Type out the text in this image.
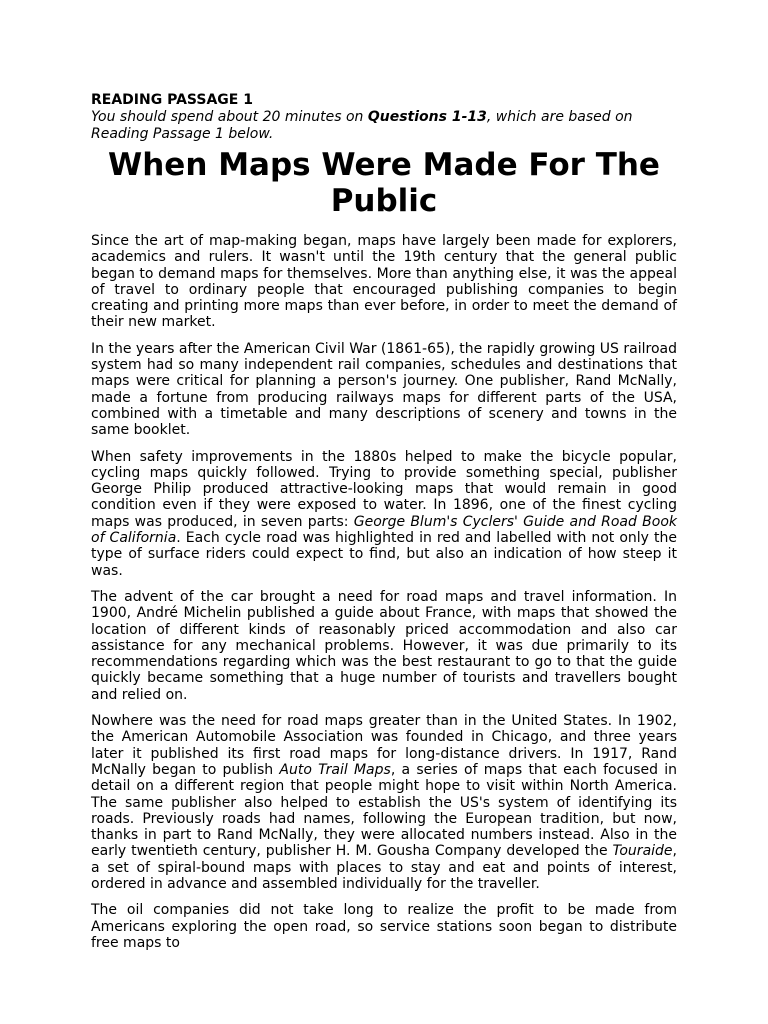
READING PASSAGE 1

You should spend about 20 minutes on Questions 1-13, which are based on Reading Passage 1 below.

When Maps Were Made For The Public

Since the art of map-making began, maps have largely been made for explorers, academics and rulers. It wasn't until the 19th century that the general public began to demand maps for themselves. More than anything else, it was the appeal of travel to ordinary people that encouraged publishing companies to begin creating and printing more maps than ever before, in order to meet the demand of their new market.

In the years after the American Civil War (1861-65), the rapidly growing US railroad system had so many independent rail companies, schedules and destinations that maps were critical for planning a person's journey. One publisher, Rand McNally, made a fortune from producing railways maps for different parts of the USA, combined with a timetable and many descriptions of scenery and towns in the same booklet.

When safety improvements in the 1880s helped to make the bicycle popular, cycling maps quickly followed. Trying to provide something special, publisher George Philip produced attractive-looking maps that would remain in good condition even if they were exposed to water. In 1896, one of the finest cycling maps was produced, in seven parts: George Blum's Cyclers' Guide and Road Book of California. Each cycle road was highlighted in red and labelled with not only the type of surface riders could expect to find, but also an indication of how steep it was.

The advent of the car brought a need for road maps and travel information. In 1900, André Michelin published a guide about France, with maps that showed the location of different kinds of reasonably priced accommodation and also car assistance for any mechanical problems. However, it was due primarily to its recommendations regarding which was the best restaurant to go to that the guide quickly became something that a huge number of tourists and travellers bought and relied on.

Nowhere was the need for road maps greater than in the United States. In 1902, the American Automobile Association was founded in Chicago, and three years later it published its first road maps for long-distance drivers. In 1917, Rand McNally began to publish Auto Trail Maps, a series of maps that each focused in detail on a different region that people might hope to visit within North America. The same publisher also helped to establish the US's system of identifying its roads. Previously roads had names, following the European tradition, but now, thanks in part to Rand McNally, they were allocated numbers instead. Also in the early twentieth century, publisher H. M. Gousha Company developed the Touraide, a set of spiral-bound maps with places to stay and eat and points of interest, ordered in advance and assembled individually for the traveller.

The oil companies did not take long to realize the profit to be made from Americans exploring the open road, so service stations soon began to distribute free maps to
